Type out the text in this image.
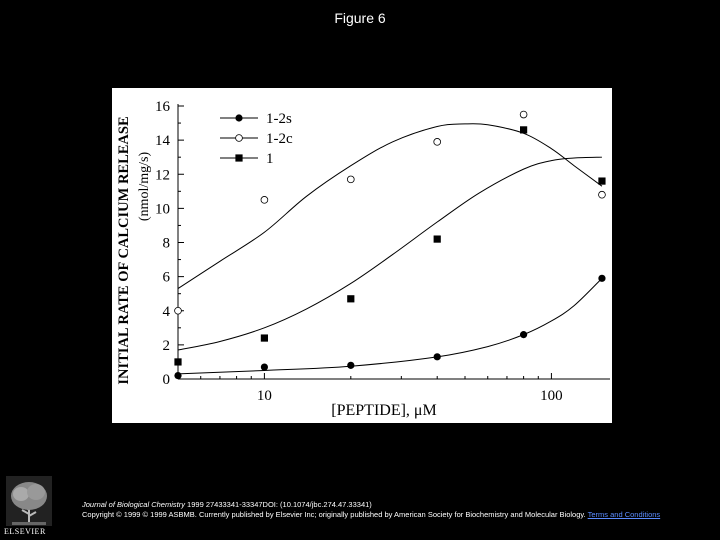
Figure 6
0
2
4
6
8
10
12
14
16
10	100
[PEPTIDE], μM
INITIAL RATE OF CALCIUM RELEASE (nmol/mg/s)
1-2s
1-2c
1
ELSEVIER
Journal of Biological Chemistry 1999 27433341-33347DOI: (10.1074/jbc.274.47.33341)
Copyright © 1999 © 1999 ASBMB. Currently published by Elsevier Inc; originally published by American Society for Biochemistry and Molecular Biology. Terms and Conditions
